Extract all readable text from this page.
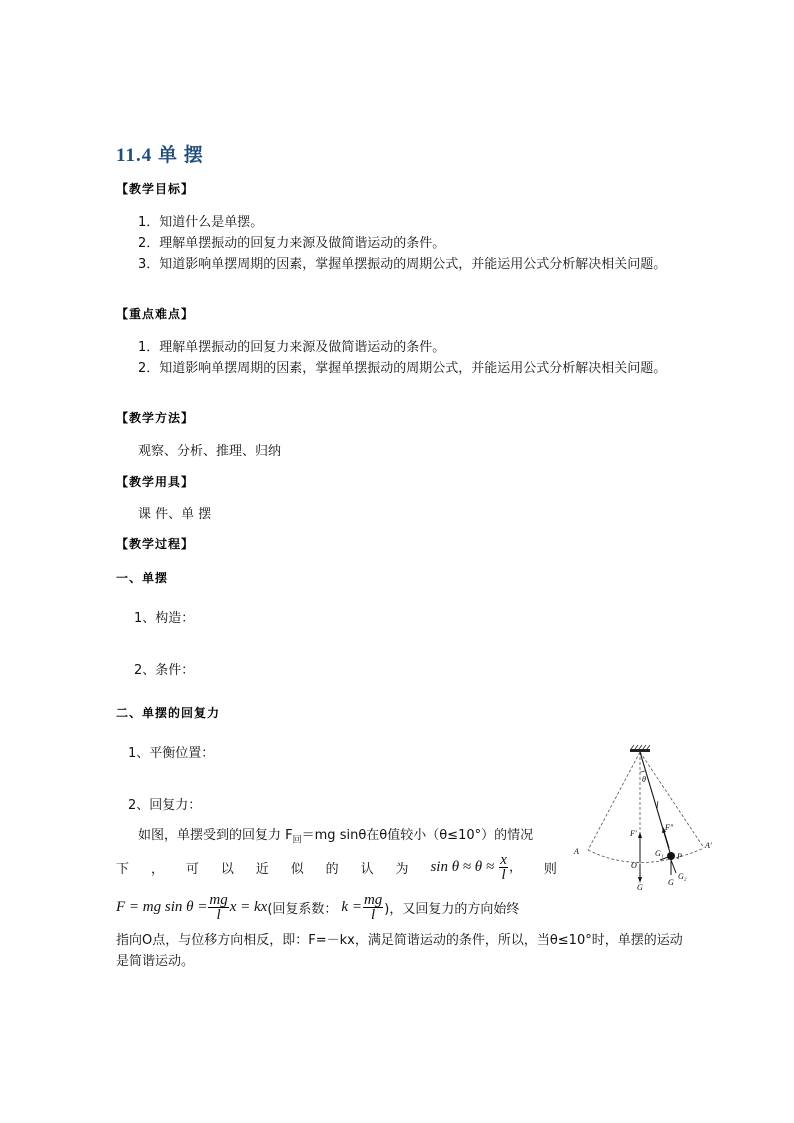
11.4 单 摆
【教学目标】
1．知道什么是单摆。
2．理解单摆振动的回复力来源及做简谐运动的条件。
3．知道影响单摆周期的因素，掌握单摆振动的周期公式，并能运用公式分析解决相关问题。
【重点难点】
1．理解单摆振动的回复力来源及做简谐运动的条件。
2．知道影响单摆周期的因素，掌握单摆振动的周期公式，并能运用公式分析解决相关问题。
【教学方法】
观察、分析、推理、归纳
【教学用具】
课 件、单 摆
【教学过程】
一、单摆
1、构造：
2、条件：
二、单摆的回复力
1、平衡位置：
2、回复力：
如图，单摆受到的回复力 $F_回=mg$ sinθ在θ值较小（θ≤10°）的情况
下 ， 可 以 近 似 的 认 为 $\sin \theta \approx \theta \approx \frac{x}{l}$ ， 则
F = mg $\sin \theta = \frac{mg}{l}$ x = kx (回复系数： $k = \frac{mg}{l}$ )，又回复力的方向始终
指向O点，与位移方向相反，即：F=－kx，满足简谐运动的条件，所以，当θ≤10°时，单摆的运动是简谐运动。
θ
l
F′
F″
A
A′
O
G₁ P
G
G
G₂
